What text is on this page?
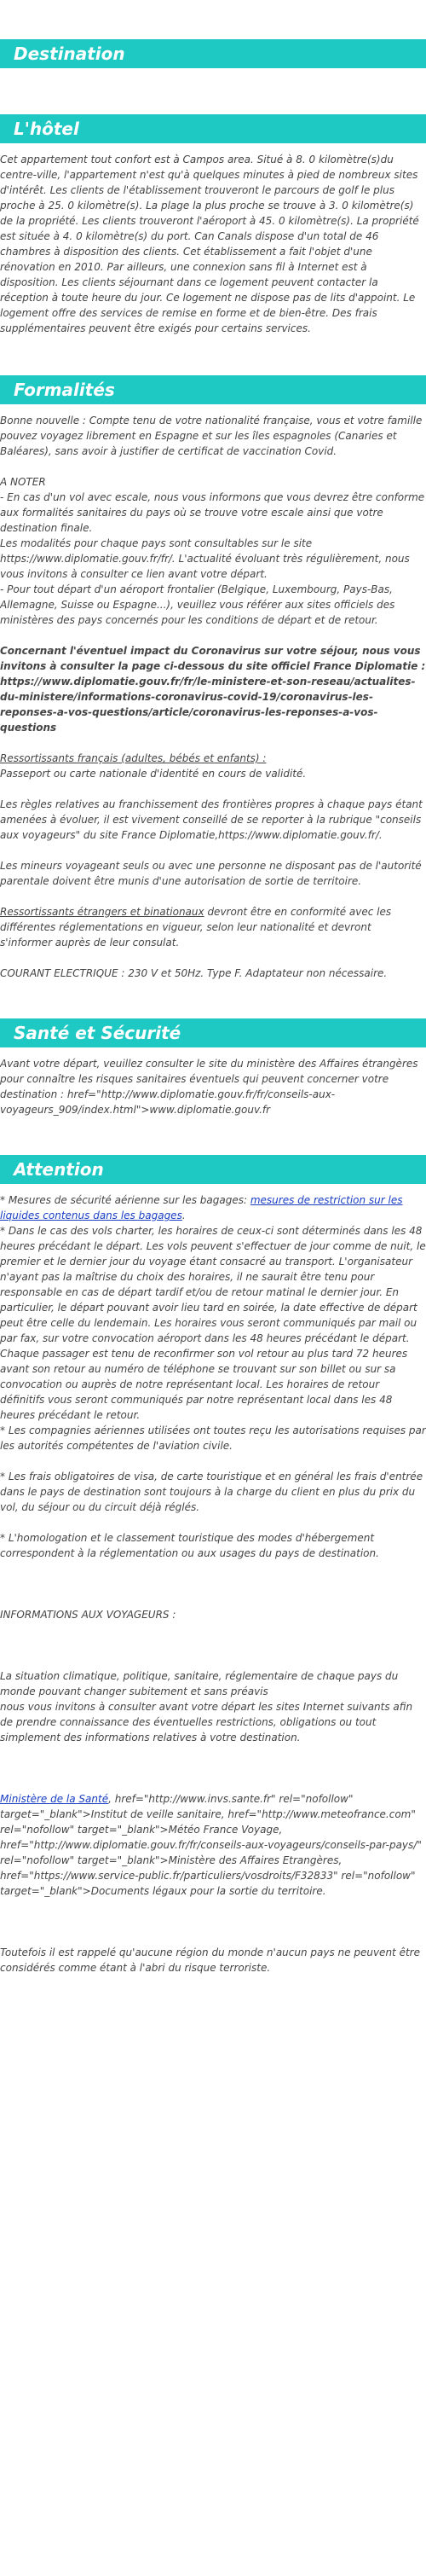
Destination
L'hôtel

Cet appartement tout confort est à Campos area. Situé à 8. 0 kilomètre(s)du centre-ville, l'appartement n'est qu'à quelques minutes à pied de nombreux sites d'intérêt. Les clients de l'établissement trouveront le parcours de golf le plus proche à 25. 0 kilomètre(s). La plage la plus proche se trouve à 3. 0 kilomètre(s) de la propriété. Les clients trouveront l'aéroport à 45. 0 kilomètre(s). La propriété est située à 4. 0 kilomètre(s) du port. Can Canals dispose d'un total de 46 chambres à disposition des clients. Cet établissement a fait l'objet d'une rénovation en 2010. Par ailleurs, une connexion sans fil à Internet est à disposition. Les clients séjournant dans ce logement peuvent contacter la réception à toute heure du jour. Ce logement ne dispose pas de lits d'appoint. Le logement offre des services de remise en forme et de bien-être. Des frais supplémentaires peuvent être exigés pour certains services.

Formalités

Bonne nouvelle : Compte tenu de votre nationalité française, vous et votre famille pouvez voyagez librement en Espagne et sur les îles espagnoles (Canaries et Baléares), sans avoir à justifier de certificat de vaccination Covid.

A NOTER

- En cas d'un vol avec escale, nous vous informons que vous devrez être conforme aux formalités sanitaires du pays où se trouve votre escale ainsi que votre destination finale.

Les modalités pour chaque pays sont consultables sur le site https://www.diplomatie.gouv.fr/fr/. L'actualité évoluant très régulièrement, nous vous invitons à consulter ce lien avant votre départ.

- Pour tout départ d'un aéroport frontalier (Belgique, Luxembourg, Pays-Bas, Allemagne, Suisse ou Espagne...), veuillez vous référer aux sites officiels des ministères des pays concernés pour les conditions de départ et de retour.

Concernant l'éventuel impact du Coronavirus sur votre séjour, nous vous invitons à consulter la page ci-dessous du site officiel France Diplomatie : https://www.diplomatie.gouv.fr/fr/le-ministere-et-son-reseau/actualites-du-ministere/informations-coronavirus-covid-19/coronavirus-les-reponses-a-vos-questions/article/coronavirus-les-reponses-a-vos-questions

Ressortissants français (adultes, bébés et enfants) :

Passeport ou carte nationale d'identité en cours de validité.

Les règles relatives au franchissement des frontières propres à chaque pays étant amenées à évoluer, il est vivement conseillé de se reporter à la rubrique "conseils aux voyageurs" du site France Diplomatie,https://www.diplomatie.gouv.fr/.

Les mineurs voyageant seuls ou avec une personne ne disposant pas de l'autorité parentale doivent être munis d'une autorisation de sortie de territoire.

Ressortissants étrangers et binationaux devront être en conformité avec les différentes réglementations en vigueur, selon leur nationalité et devront s'informer auprès de leur consulat.

COURANT ELECTRIQUE : 230 V et 50Hz. Type F. Adaptateur non nécessaire.

Santé et Sécurité

Avant votre départ, veuillez consulter le site du ministère des Affaires étrangères pour connaître les risques sanitaires éventuels qui peuvent concerner votre destination : href="http://www.diplomatie.gouv.fr/fr/conseils-aux-voyageurs_909/index.html">www.diplomatie.gouv.fr

Attention

* Mesures de sécurité aérienne sur les bagages: mesures de restriction sur les liquides contenus dans les bagages.

* Dans le cas des vols charter, les horaires de ceux-ci sont déterminés dans les 48 heures précédant le départ. Les vols peuvent s'effectuer de jour comme de nuit, le premier et le dernier jour du voyage étant consacré au transport. L'organisateur n'ayant pas la maîtrise du choix des horaires, il ne saurait être tenu pour responsable en cas de départ tardif et/ou de retour matinal le dernier jour. En particulier, le départ pouvant avoir lieu tard en soirée, la date effective de départ peut être celle du lendemain. Les horaires vous seront communiqués par mail ou par fax, sur votre convocation aéroport dans les 48 heures précédant le départ. Chaque passager est tenu de reconfirmer son vol retour au plus tard 72 heures avant son retour au numéro de téléphone se trouvant sur son billet ou sur sa convocation ou auprès de notre représentant local. Les horaires de retour définitifs vous seront communiqués par notre représentant local dans les 48 heures précédant le retour.

* Les compagnies aériennes utilisées ont toutes reçu les autorisations requises par les autorités compétentes de l'aviation civile.

* Les frais obligatoires de visa, de carte touristique et en général les frais d'entrée dans le pays de destination sont toujours à la charge du client en plus du prix du vol, du séjour ou du circuit déjà réglés.

* L'homologation et le classement touristique des modes d'hébergement correspondent à la réglementation ou aux usages du pays de destination.

INFORMATIONS AUX VOYAGEURS :

La situation climatique, politique, sanitaire, réglementaire de chaque pays du monde pouvant changer subitement et sans préavis

nous vous invitons à consulter avant votre départ les sites Internet suivants afin de prendre connaissance des éventuelles restrictions, obligations ou tout simplement des informations relatives à votre destination.

Ministère de la Santé, href="http://www.invs.sante.fr" rel="nofollow" target="_blank">Institut de veille sanitaire, href="http://www.meteofrance.com" rel="nofollow" target="_blank">Météo France Voyage, href="http://www.diplomatie.gouv.fr/fr/conseils-aux-voyageurs/conseils-par-pays/" rel="nofollow" target="_blank">Ministère des Affaires Etrangères, href="https://www.service-public.fr/particuliers/vosdroits/F32833" rel="nofollow" target="_blank">Documents légaux pour la sortie du territoire.

Toutefois il est rappelé qu'aucune région du monde n'aucun pays ne peuvent être considérés comme étant à l'abri du risque terroriste.
